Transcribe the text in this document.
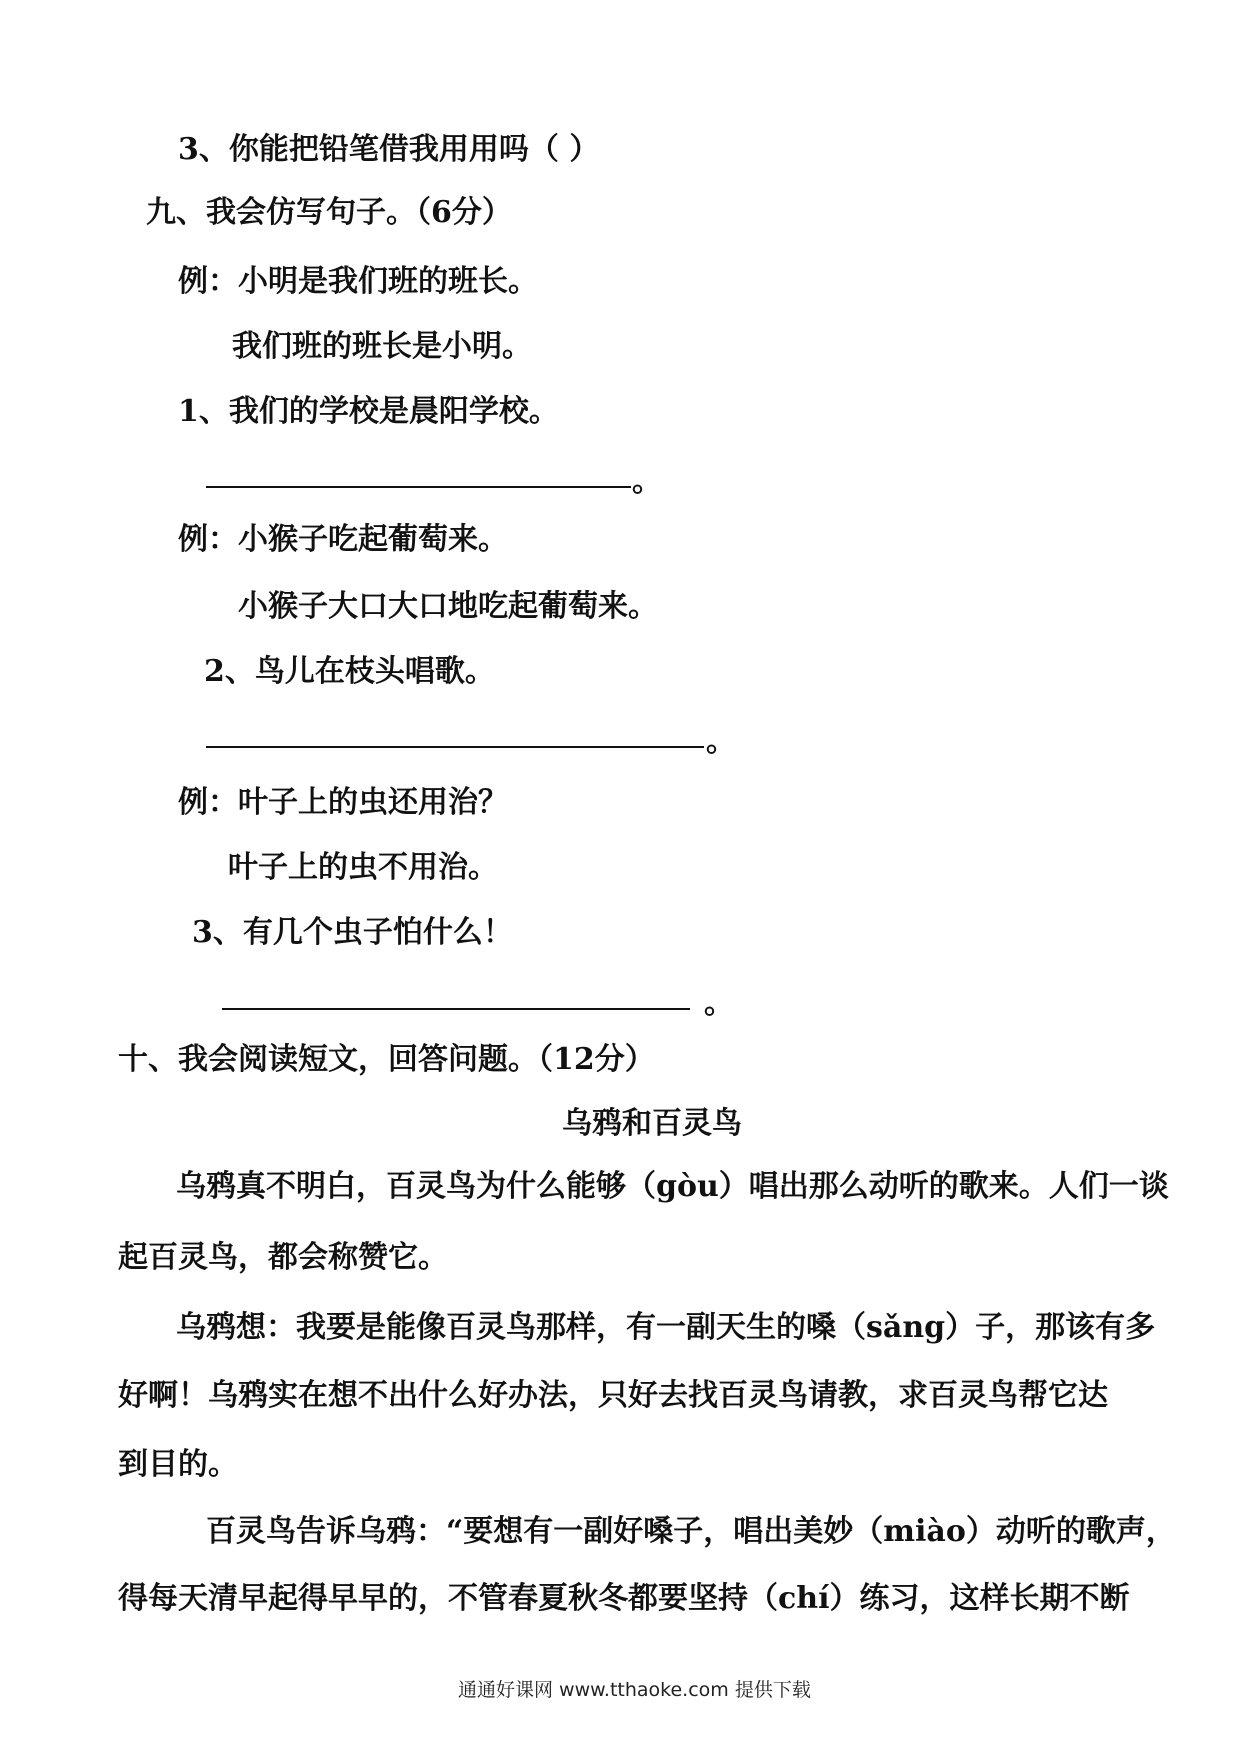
3、你能把铅笔借我用用吗（ ）
九、我会仿写句子。（6分）
例：小明是我们班的班长。
我们班的班长是小明。
1、我们的学校是晨阳学校。
。
例：小猴子吃起葡萄来。
小猴子大口大口地吃起葡萄来。
2、鸟儿在枝头唱歌。
。
例：叶子上的虫还用治？
叶子上的虫不用治。
3、有几个虫子怕什么！
。
十、我会阅读短文，回答问题。（12分）
乌鸦和百灵鸟
乌鸦真不明白，百灵鸟为什么能够（gòu）唱出那么动听的歌来。人们一谈
起百灵鸟，都会称赞它。
乌鸦想：我要是能像百灵鸟那样，有一副天生的嗓（sǎng）子，那该有多
好啊！乌鸦实在想不出什么好办法，只好去找百灵鸟请教，求百灵鸟帮它达
到目的。
百灵鸟告诉乌鸦：“要想有一副好嗓子，唱出美妙（miào）动听的歌声，
得每天清早起得早早的，不管春夏秋冬都要坚持（chí）练习，这样长期不断
通通好课网 www.tthaoke.com 提供下载
